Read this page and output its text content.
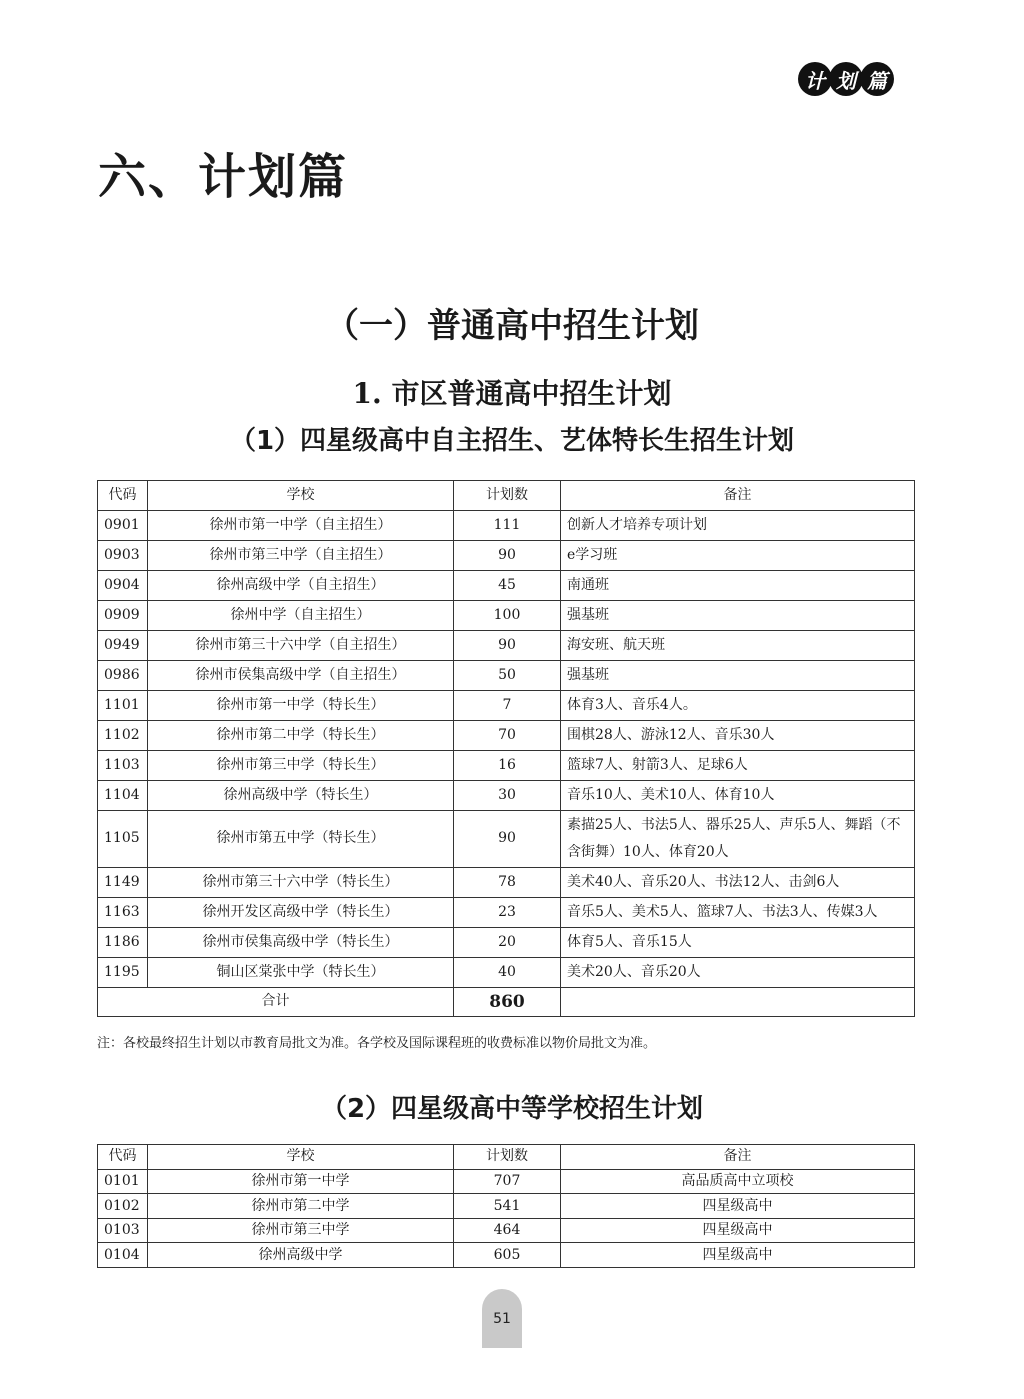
计 划 篇
六、计划篇
（一）普通高中招生计划
1. 市区普通高中招生计划
（1）四星级高中自主招生、艺体特长生招生计划
代码	学校	计划数	备注
0901	徐州市第一中学（自主招生）	111	创新人才培养专项计划
0903	徐州市第三中学（自主招生）	90	e学习班
0904	徐州高级中学（自主招生）	45	南通班
0909	徐州中学（自主招生）	100	强基班
0949	徐州市第三十六中学（自主招生）	90	海安班、航天班
0986	徐州市侯集高级中学（自主招生）	50	强基班
1101	徐州市第一中学（特长生）	7	体育3人、音乐4人。
1102	徐州市第二中学（特长生）	70	围棋28人、游泳12人、音乐30人
1103	徐州市第三中学（特长生）	16	篮球7人、射箭3人、足球6人
1104	徐州高级中学（特长生）	30	音乐10人、美术10人、体育10人
1105	徐州市第五中学（特长生）	90	素描25人、书法5人、器乐25人、声乐5人、舞蹈（不含街舞）10人、体育20人
1149	徐州市第三十六中学（特长生）	78	美术40人、音乐20人、书法12人、击剑6人
1163	徐州开发区高级中学（特长生）	23	音乐5人、美术5人、篮球7人、书法3人、传媒3人
1186	徐州市侯集高级中学（特长生）	20	体育5人、音乐15人
1195	铜山区棠张中学（特长生）	40	美术20人、音乐20人
合计		860	

注：各校最终招生计划以市教育局批文为准。各学校及国际课程班的收费标准以物价局批文为准。

（2）四星级高中等学校招生计划
代码	学校	计划数	备注
0101	徐州市第一中学	707	高品质高中立项校
0102	徐州市第二中学	541	四星级高中
0103	徐州市第三中学	464	四星级高中
0104	徐州高级中学	605	四星级高中
51
